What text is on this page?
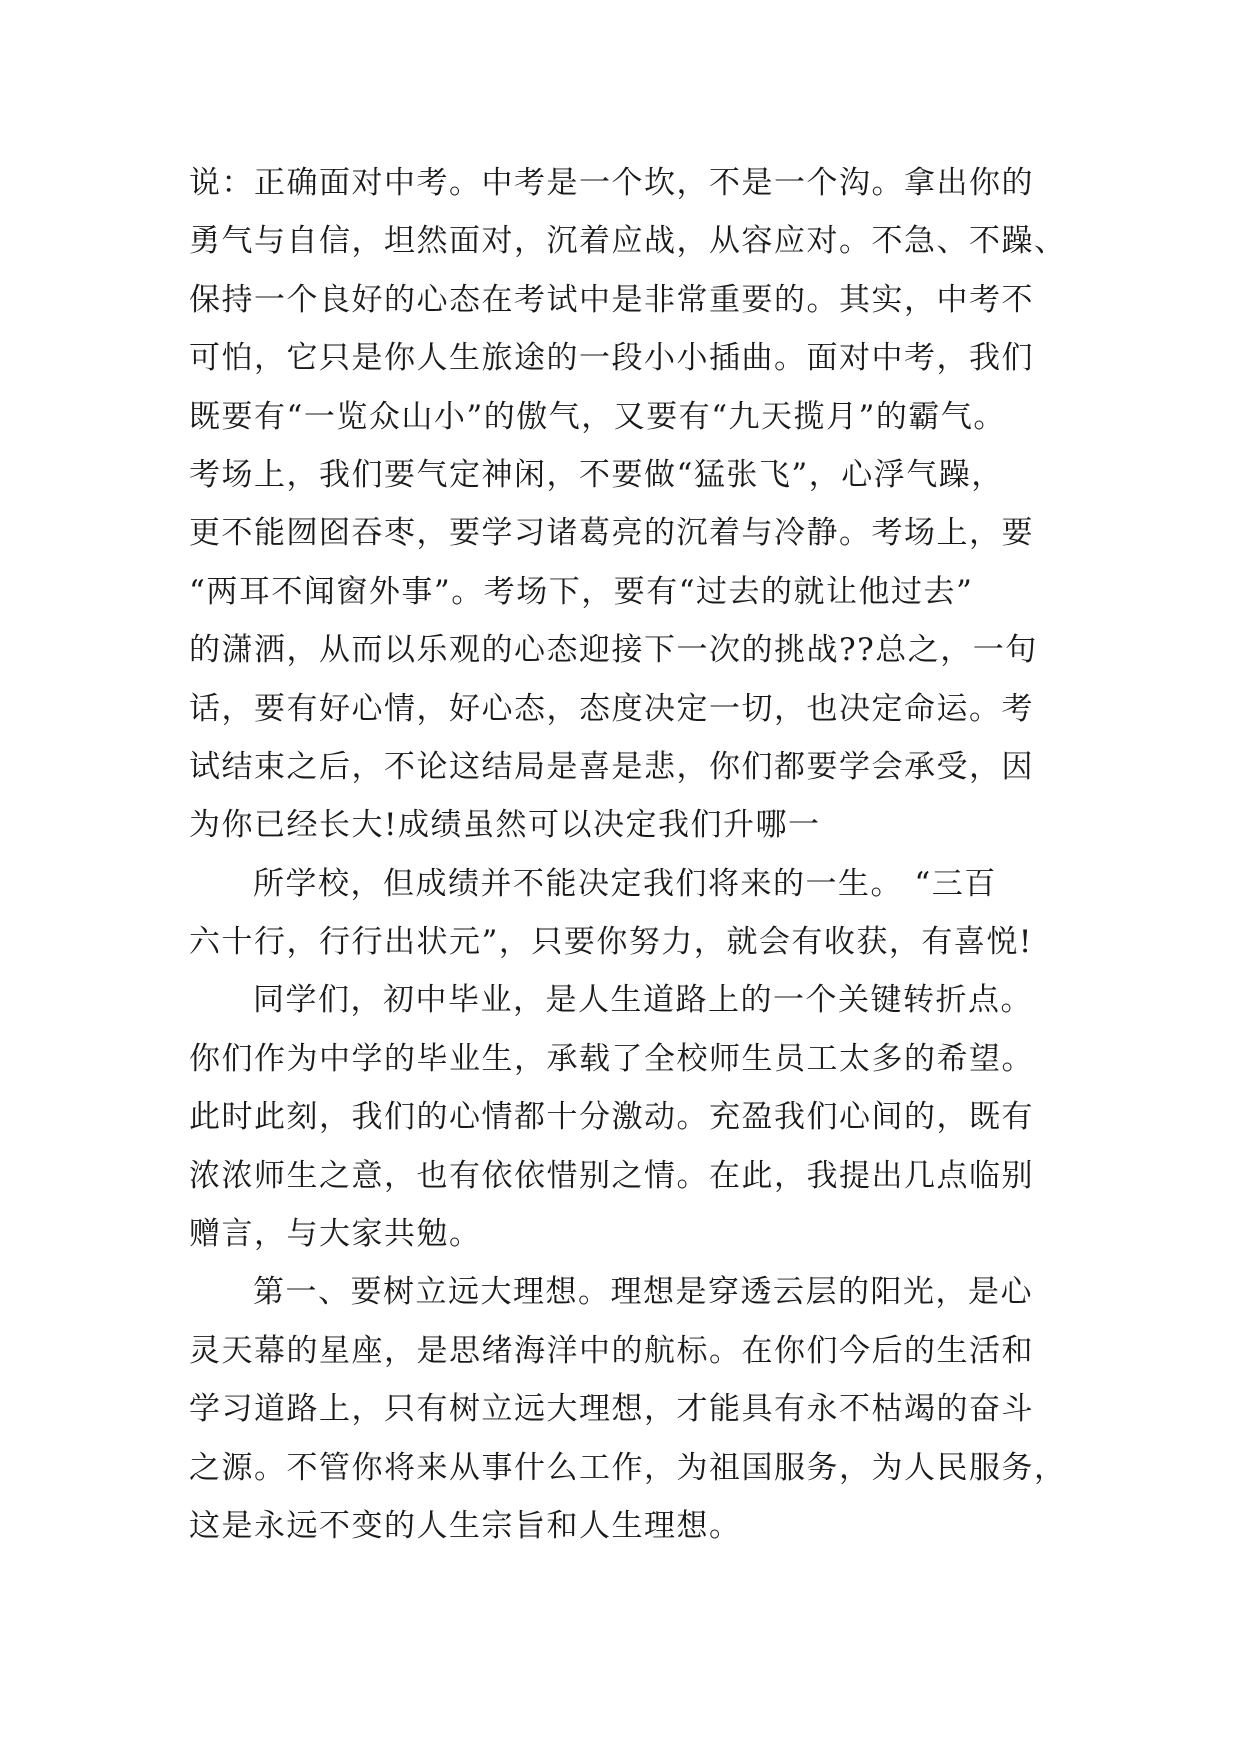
说：正确面对中考。中考是一个坎，不是一个沟。拿出你的
勇气与自信，坦然面对，沉着应战，从容应对。不急、不躁、
保持一个良好的心态在考试中是非常重要的。其实，中考不
可怕，它只是你人生旅途的一段小小插曲。面对中考，我们
既要有“一览众山小”的傲气，又要有“九天揽月”的霸气。
考场上，我们要气定神闲，不要做“猛张飞”，心浮气躁，
更不能囫囵吞枣，要学习诸葛亮的沉着与冷静。考场上，要
“两耳不闻窗外事”。考场下，要有“过去的就让他过去”
的潇洒，从而以乐观的心态迎接下一次的挑战??总之，一句
话，要有好心情，好心态，态度决定一切，也决定命运。考
试结束之后，不论这结局是喜是悲，你们都要学会承受，因
为你已经长大!成绩虽然可以决定我们升哪一
所学校，但成绩并不能决定我们将来的一生。 “三百
六十行，行行出状元”，只要你努力，就会有收获，有喜悦!
同学们，初中毕业，是人生道路上的一个关键转折点。
你们作为中学的毕业生，承载了全校师生员工太多的希望。
此时此刻，我们的心情都十分激动。充盈我们心间的，既有
浓浓师生之意，也有依依惜别之情。在此，我提出几点临别
赠言，与大家共勉。
第一、要树立远大理想。理想是穿透云层的阳光，是心
灵天幕的星座，是思绪海洋中的航标。在你们今后的生活和
学习道路上，只有树立远大理想，才能具有永不枯竭的奋斗
之源。不管你将来从事什么工作，为祖国服务，为人民服务，
这是永远不变的人生宗旨和人生理想。
